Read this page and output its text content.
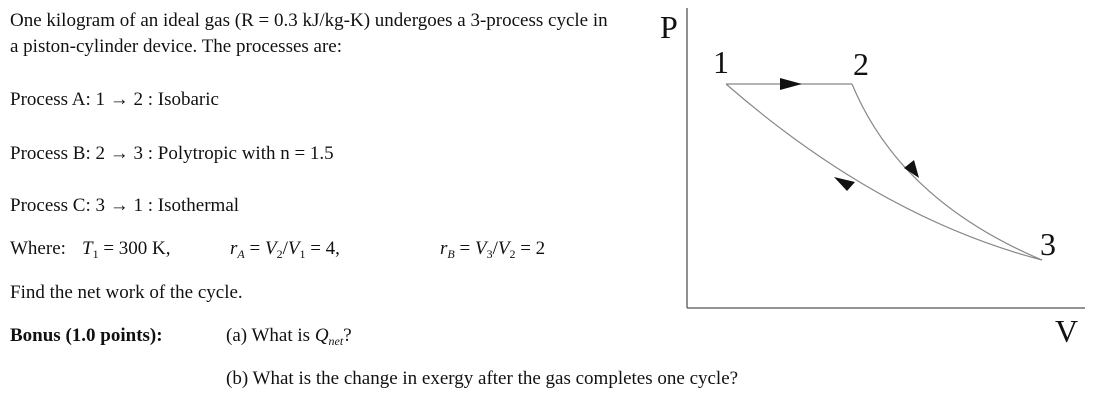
One kilogram of an ideal gas (R = 0.3 kJ/kg-K) undergoes a 3-process cycle in
a piston-cylinder device. The processes are:
Process A: 1 → 2 : Isobaric
Process B: 2 → 3 : Polytropic with n = 1.5
Process C: 3 → 1 : Isothermal
Where: $T_1 = 300$ K,	$r_A = V_2/V_1 = 4$,	$r_B = V_3/V_2 = 2$
Find the net work of the cycle.
Bonus (1.0 points):	(a) What is $Q_{net}$?
(b) What is the change in exergy after the gas completes one cycle?
P
V
1	2
3
